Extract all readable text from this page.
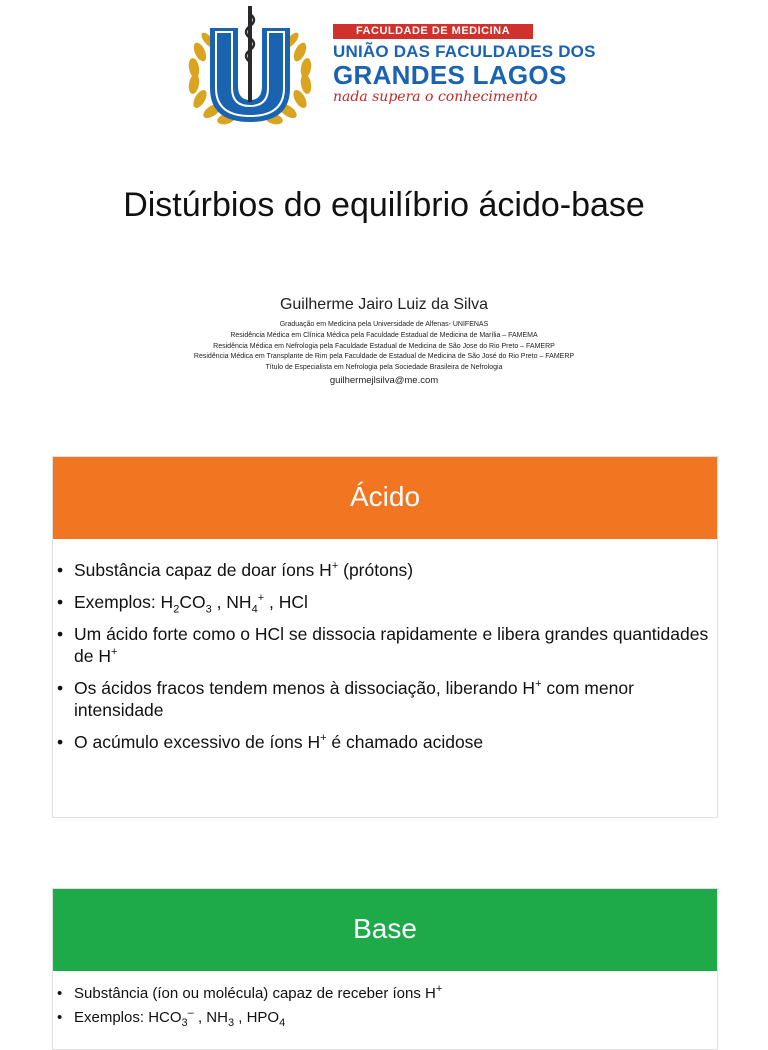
FACULDADE DE MEDICINA
UNIÃO DAS FACULDADES DOS
GRANDES LAGOS
nada supera o conhecimento
Distúrbios do equilíbrio ácido-base
Guilherme Jairo Luiz da Silva
Graduação em Medicina pela Universidade de Alfenas- UNIFENAS
Residência Médica em Clínica Médica pela Faculdade Estadual de Medicina de Marília – FAMEMA
Residência Médica em Nefrologia pela Faculdade Estadual de Medicina de São Jose do Rio Preto – FAMERP
Residência Médica em Transplante de Rim pela Faculdade de Estadual de Medicina de São José do Rio Preto – FAMERP
Título de Especialista em Nefrologia pela Sociedade Brasileira de Nefrologia
guilhermejlsilva@me.com
Ácido
• Substância capaz de doar íons H+ (prótons)
• Exemplos: $H_2CO_3$ , $NH_4^+$ , HCl
• Um ácido forte como o HCl se dissocia rapidamente e libera grandes quantidades de H+
• Os ácidos fracos tendem menos à dissociação, liberando H+ com menor intensidade
• O acúmulo excessivo de íons H+ é chamado acidose
Base
• Substância (íon ou molécula) capaz de receber íons H+
• Exemplos: $HCO_3^-$ , $NH_3$ , $HPO_4$
